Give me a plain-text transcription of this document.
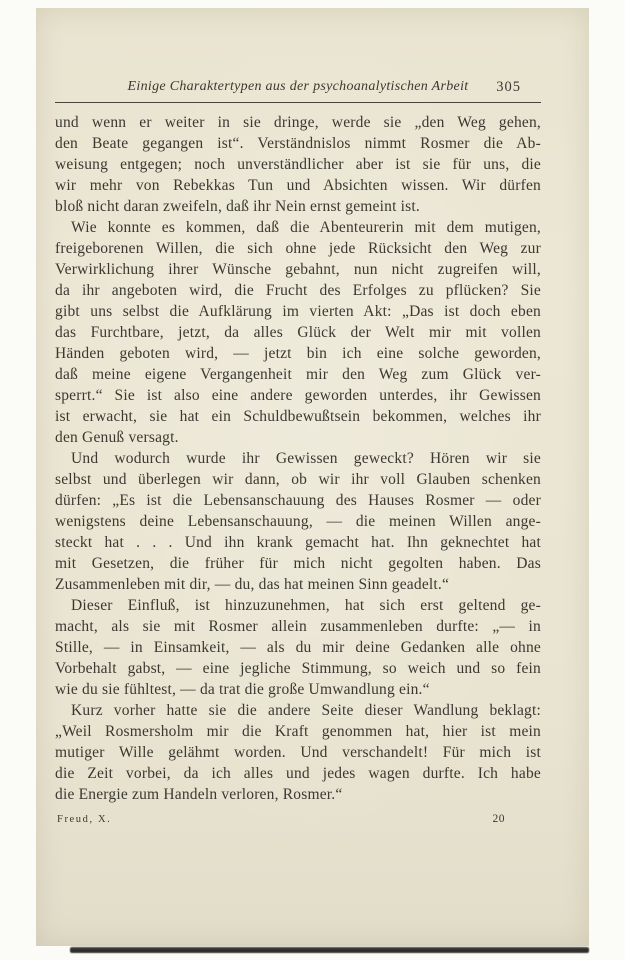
Einige Charaktertypen aus der psychoanalytischen Arbeit	305

und wenn er weiter in sie dringe, werde sie „den Weg gehen,
den Beate gegangen ist“. Verständnislos nimmt Rosmer die Ab-
weisung entgegen; noch unverständlicher aber ist sie für uns, die
wir mehr von Rebekkas Tun und Absichten wissen. Wir dürfen
bloß nicht daran zweifeln, daß ihr Nein ernst gemeint ist.

Wie konnte es kommen, daß die Abenteurerin mit dem mutigen,
freigeborenen Willen, die sich ohne jede Rücksicht den Weg zur
Verwirklichung ihrer Wünsche gebahnt, nun nicht zugreifen will,
da ihr angeboten wird, die Frucht des Erfolges zu pflücken? Sie
gibt uns selbst die Aufklärung im vierten Akt: „Das ist doch eben
das Furchtbare, jetzt, da alles Glück der Welt mir mit vollen
Händen geboten wird, — jetzt bin ich eine solche geworden,
daß meine eigene Vergangenheit mir den Weg zum Glück ver-
sperrt.“ Sie ist also eine andere geworden unterdes, ihr Gewissen
ist erwacht, sie hat ein Schuldbewußtsein bekommen, welches ihr
den Genuß versagt.

Und wodurch wurde ihr Gewissen geweckt? Hören wir sie
selbst und überlegen wir dann, ob wir ihr voll Glauben schenken
dürfen: „Es ist die Lebensanschauung des Hauses Rosmer — oder
wenigstens deine Lebensanschauung, — die meinen Willen ange-
steckt hat . . . Und ihn krank gemacht hat. Ihn geknechtet hat
mit Gesetzen, die früher für mich nicht gegolten haben. Das
Zusammenleben mit dir, — du, das hat meinen Sinn geadelt.“

Dieser Einfluß, ist hinzuzunehmen, hat sich erst geltend ge-
macht, als sie mit Rosmer allein zusammenleben durfte: „— in
Stille, — in Einsamkeit, — als du mir deine Gedanken alle ohne
Vorbehalt gabst, — eine jegliche Stimmung, so weich und so fein
wie du sie fühltest, — da trat die große Umwandlung ein.“

Kurz vorher hatte sie die andere Seite dieser Wandlung beklagt:
„Weil Rosmersholm mir die Kraft genommen hat, hier ist mein
mutiger Wille gelähmt worden. Und verschandelt! Für mich ist
die Zeit vorbei, da ich alles und jedes wagen durfte. Ich habe
die Energie zum Handeln verloren, Rosmer.“

Freud, X.	20
